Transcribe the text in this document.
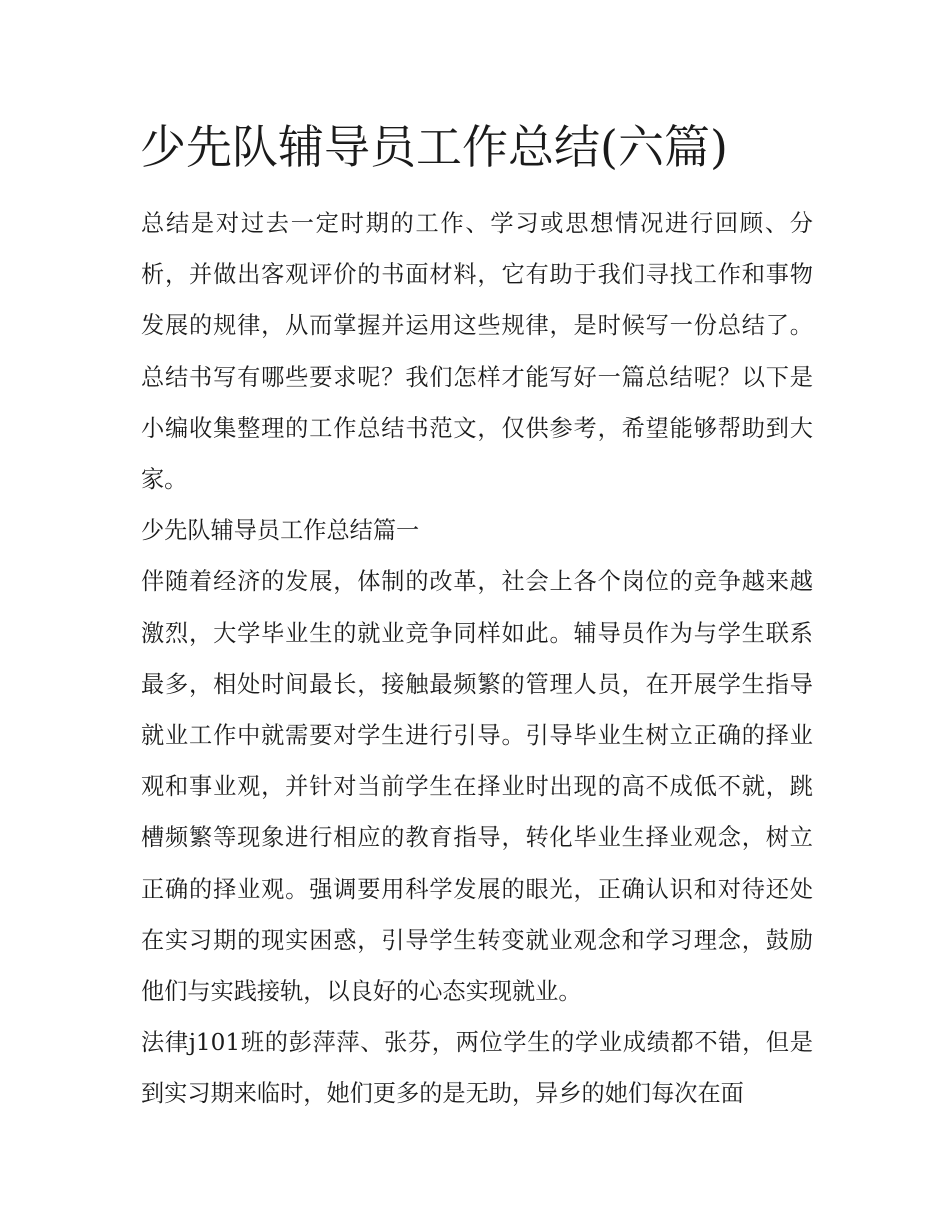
少先队辅导员工作总结(六篇)

总结是对过去一定时期的工作、学习或思想情况进行回顾、分析，并做出客观评价的书面材料，它有助于我们寻找工作和事物发展的规律，从而掌握并运用这些规律，是时候写一份总结了。总结书写有哪些要求呢？我们怎样才能写好一篇总结呢？以下是小编收集整理的工作总结书范文，仅供参考，希望能够帮助到大家。

少先队辅导员工作总结篇一

伴随着经济的发展，体制的改革，社会上各个岗位的竞争越来越激烈，大学毕业生的就业竞争同样如此。辅导员作为与学生联系最多，相处时间最长，接触最频繁的管理人员，在开展学生指导就业工作中就需要对学生进行引导。引导毕业生树立正确的择业观和事业观，并针对当前学生在择业时出现的高不成低不就，跳槽频繁等现象进行相应的教育指导，转化毕业生择业观念，树立正确的择业观。强调要用科学发展的眼光，正确认识和对待还处在实习期的现实困惑，引导学生转变就业观念和学习理念，鼓励他们与实践接轨，以良好的心态实现就业。

法律j101班的彭萍萍、张芬，两位学生的学业成绩都不错，但是到实习期来临时，她们更多的是无助，异乡的她们每次在面
